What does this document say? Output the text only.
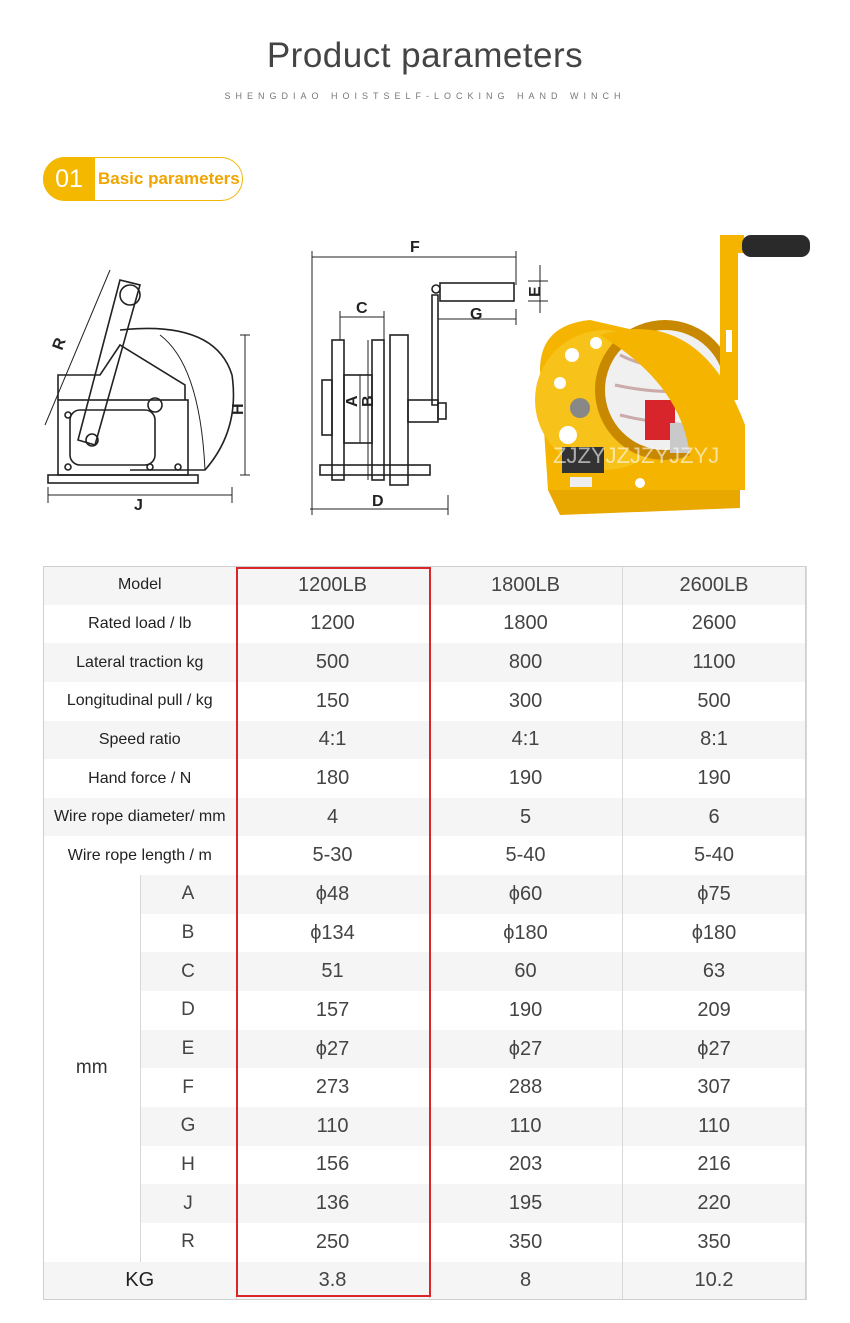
Product parameters
SHENGDIAO HOISTSELF-LOCKING HAND WINCH
01 Basic parameters
R
H
J
F
C
E
G
A B
D
ZJZYJZJZYJZYJ
Model		1200LB	1800LB	2600LB
Rated load / lb		1200	1800	2600
Lateral traction kg		500	800	1100
Longitudinal pull / kg		150	300	500
Speed ratio		4:1	4:1	8:1
Hand force / N		180	190	190
Wire rope diameter/ mm		4	5	6
Wire rope length / m		5-30	5-40	5-40
mm	A	ϕ48	ϕ60	ϕ75
	B	ϕ134	ϕ180	ϕ180
	C	51	60	63
	D	157	190	209
	E	ϕ27	ϕ27	ϕ27
	F	273	288	307
	G	110	110	110
	H	156	203	216
	J	136	195	220
	R	250	350	350
KG		3.8	8	10.2
